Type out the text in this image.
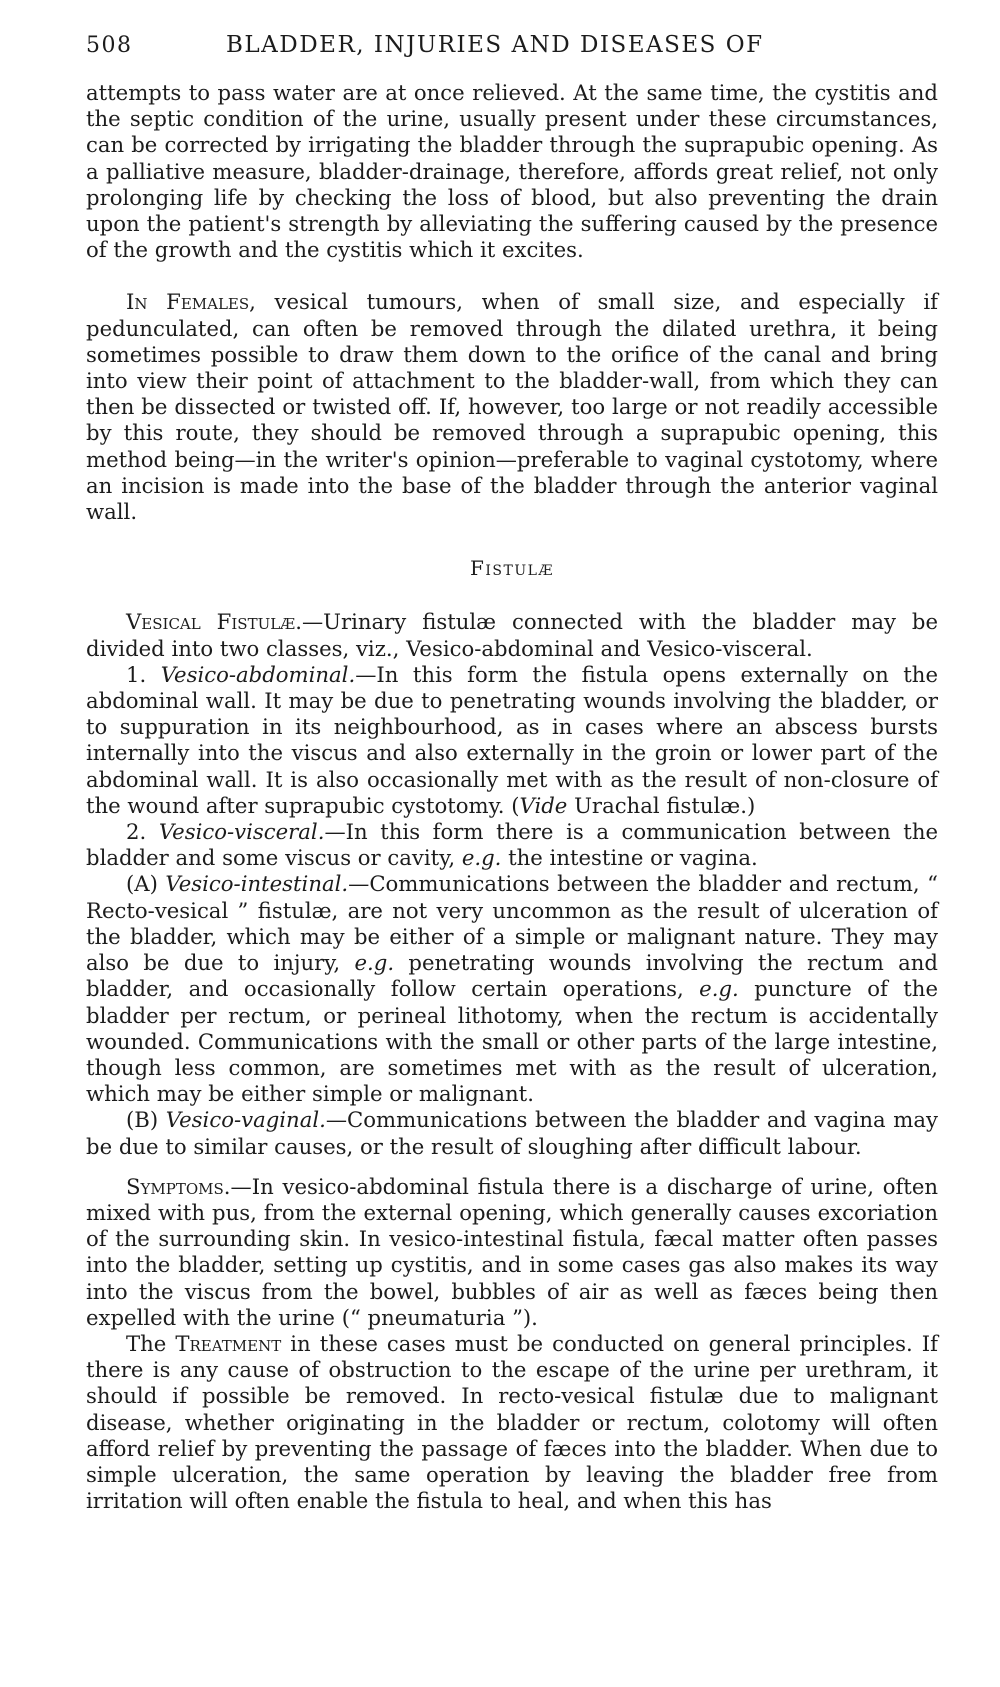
508	BLADDER, INJURIES AND DISEASES OF

attempts to pass water are at once relieved. At the same time, the cystitis and the septic condition of the urine, usually present under these circumstances, can be corrected by irrigating the bladder through the suprapubic opening. As a palliative measure, bladder-drainage, therefore, affords great relief, not only prolonging life by checking the loss of blood, but also preventing the drain upon the patient's strength by alleviating the suffering caused by the presence of the growth and the cystitis which it excites.

In Females, vesical tumours, when of small size, and especially if pedunculated, can often be removed through the dilated urethra, it being sometimes possible to draw them down to the orifice of the canal and bring into view their point of attachment to the bladder-wall, from which they can then be dissected or twisted off. If, however, too large or not readily accessible by this route, they should be removed through a suprapubic opening, this method being—in the writer's opinion—preferable to vaginal cystotomy, where an incision is made into the base of the bladder through the anterior vaginal wall.

Fistulæ

Vesical Fistulæ.—Urinary fistulæ connected with the bladder may be divided into two classes, viz., Vesico-abdominal and Vesico-visceral.

1. Vesico-abdominal.—In this form the fistula opens externally on the abdominal wall. It may be due to penetrating wounds involving the bladder, or to suppuration in its neighbourhood, as in cases where an abscess bursts internally into the viscus and also externally in the groin or lower part of the abdominal wall. It is also occasionally met with as the result of non-closure of the wound after suprapubic cystotomy. (Vide Urachal fistulæ.)

2. Vesico-visceral.—In this form there is a communication between the bladder and some viscus or cavity, e.g. the intestine or vagina.

(A) Vesico-intestinal.—Communications between the bladder and rectum, “ Recto-vesical ” fistulæ, are not very uncommon as the result of ulceration of the bladder, which may be either of a simple or malignant nature. They may also be due to injury, e.g. penetrating wounds involving the rectum and bladder, and occasionally follow certain operations, e.g. puncture of the bladder per rectum, or perineal lithotomy, when the rectum is accidentally wounded. Communications with the small or other parts of the large intestine, though less common, are sometimes met with as the result of ulceration, which may be either simple or malignant.

(B) Vesico-vaginal.—Communications between the bladder and vagina may be due to similar causes, or the result of sloughing after difficult labour.

Symptoms.—In vesico-abdominal fistula there is a discharge of urine, often mixed with pus, from the external opening, which generally causes excoriation of the surrounding skin. In vesico-intestinal fistula, fæcal matter often passes into the bladder, setting up cystitis, and in some cases gas also makes its way into the viscus from the bowel, bubbles of air as well as fæces being then expelled with the urine (“ pneumaturia ”).

The Treatment in these cases must be conducted on general principles. If there is any cause of obstruction to the escape of the urine per urethram, it should if possible be removed. In recto-vesical fistulæ due to malignant disease, whether originating in the bladder or rectum, colotomy will often afford relief by preventing the passage of fæces into the bladder. When due to simple ulceration, the same operation by leaving the bladder free from irritation will often enable the fistula to heal, and when this has
